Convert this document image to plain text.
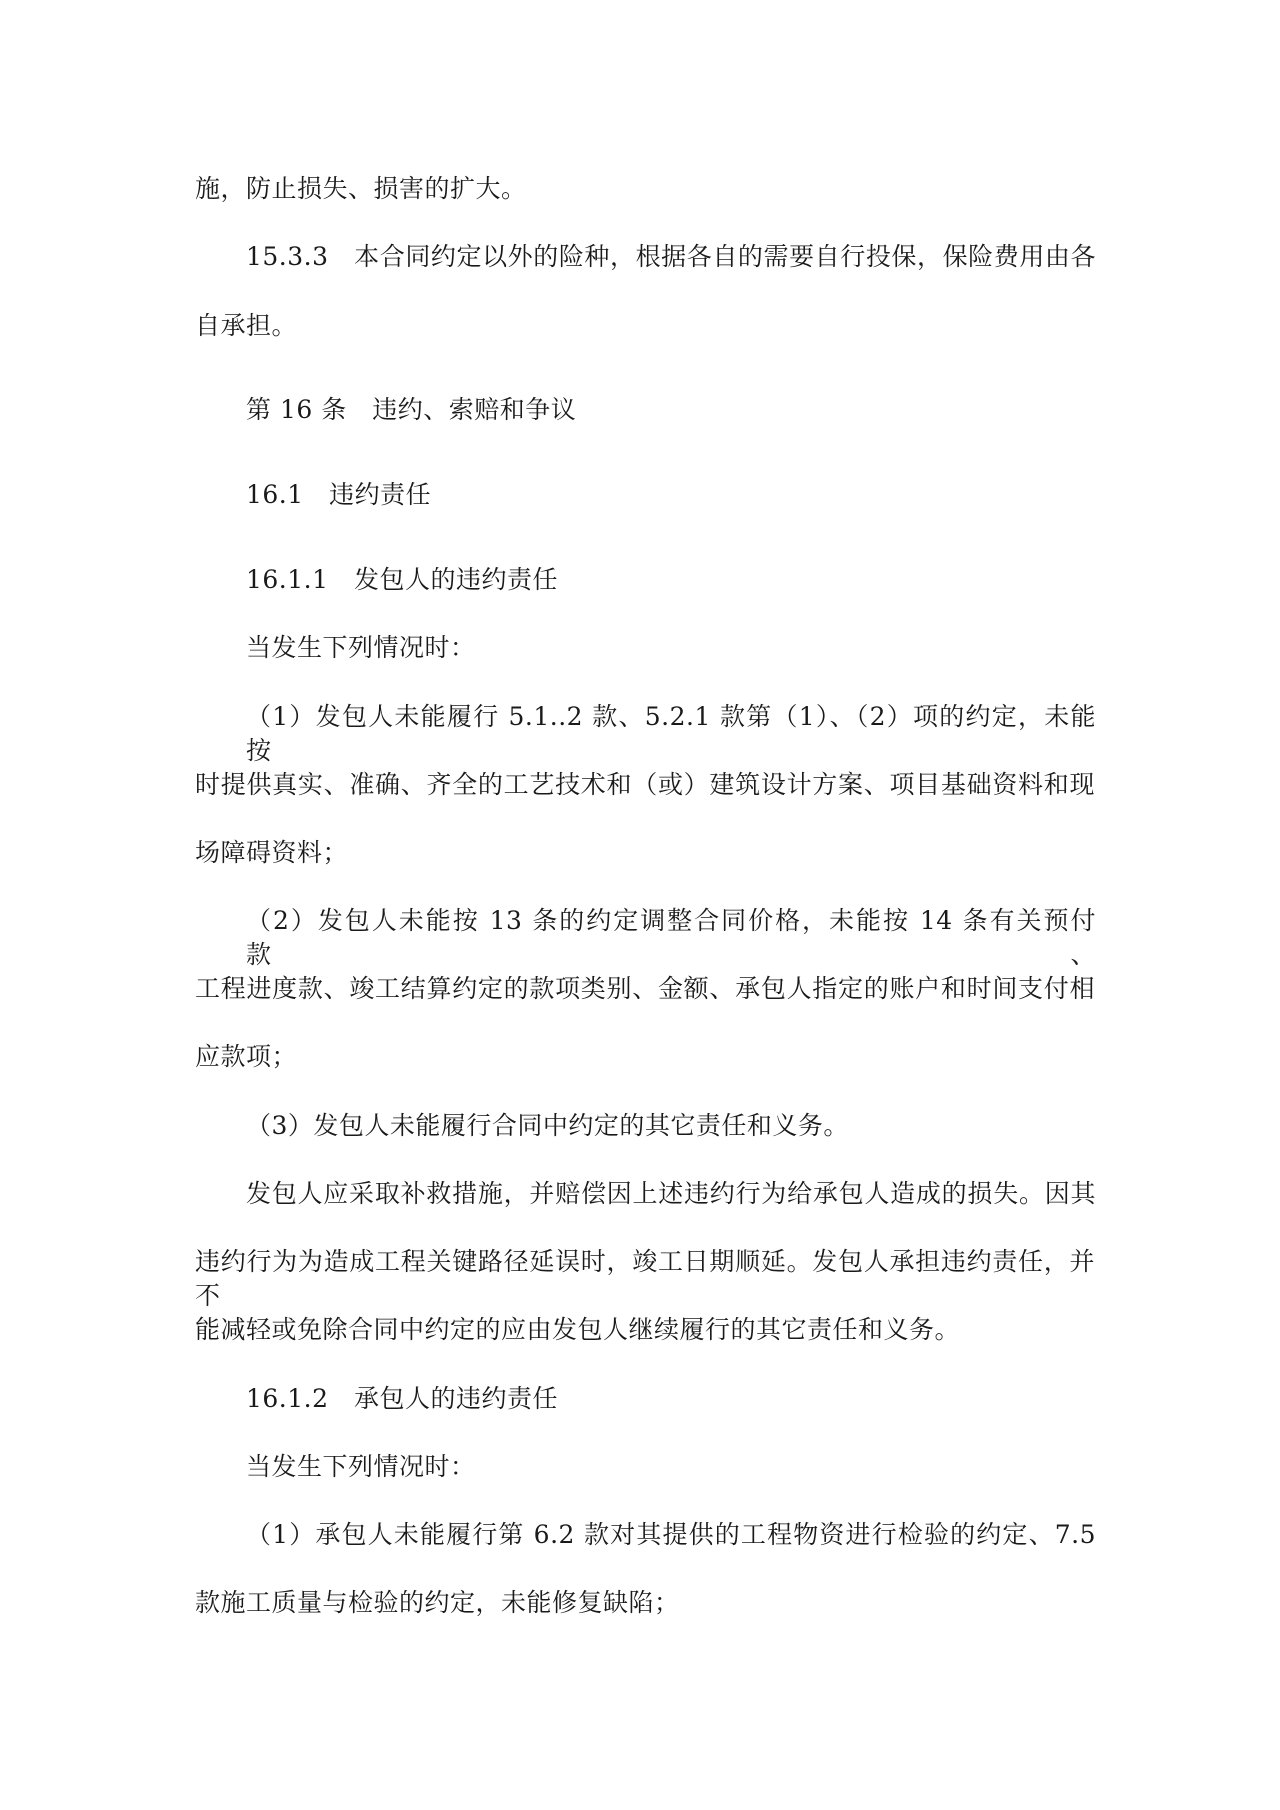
施，防止损失、损害的扩大。
15.3.3　本合同约定以外的险种，根据各自的需要自行投保，保险费用由各
自承担。
第 16 条　违约、索赔和争议
16.1　违约责任
16.1.1　发包人的违约责任
当发生下列情况时：
（1）发包人未能履行 5.1..2 款、5.2.1 款第（1）、（2）项的约定，未能按
时提供真实、准确、齐全的工艺技术和（或）建筑设计方案、项目基础资料和现
场障碍资料；
（2）发包人未能按 13 条的约定调整合同价格，未能按 14 条有关预付款、
工程进度款、竣工结算约定的款项类别、金额、承包人指定的账户和时间支付相
应款项；
（3）发包人未能履行合同中约定的其它责任和义务。
发包人应采取补救措施，并赔偿因上述违约行为给承包人造成的损失。因其
违约行为为造成工程关键路径延误时，竣工日期顺延。发包人承担违约责任，并不
能减轻或免除合同中约定的应由发包人继续履行的其它责任和义务。
16.1.2　承包人的违约责任
当发生下列情况时：
（1）承包人未能履行第 6.2 款对其提供的工程物资进行检验的约定、7.5
款施工质量与检验的约定，未能修复缺陷；
